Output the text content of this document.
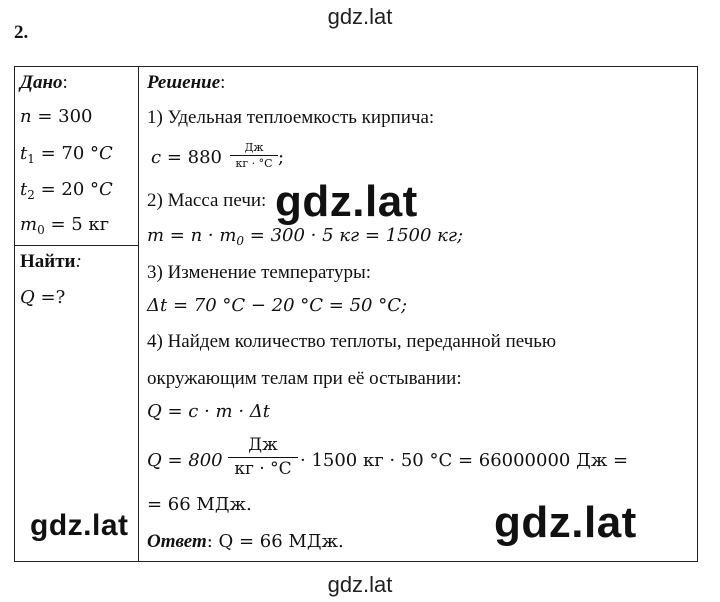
gdz.lat
2.
Дано:
n = 300
$t_1 = 70$ °C
$t_2 = 20$ °C
$m_0 = 5$ кг
Найти:
Q =?
Решение:
1) Удельная теплоемкость кирпича:
c = 880	Дж
кг · °C ;
2) Масса печи:
$m = n \cdot m_0 = 300 \cdot 5$ кг = 1500 кг;
3) Изменение температуры:
Δt = 70 °C − 20 °C = 50 °C;
4) Найдем количество теплоты, переданной печью
окружающим телам при её остывании:
Q = c · m · Δt
Q = 800
Дж
кг · °C · 1500 кг · 50 °C = 66000000 Дж =
= 66 МДж.
Ответ: Q = 66 МДж.
gdz.lat
gdz.lat	gdz.lat
gdz.lat
